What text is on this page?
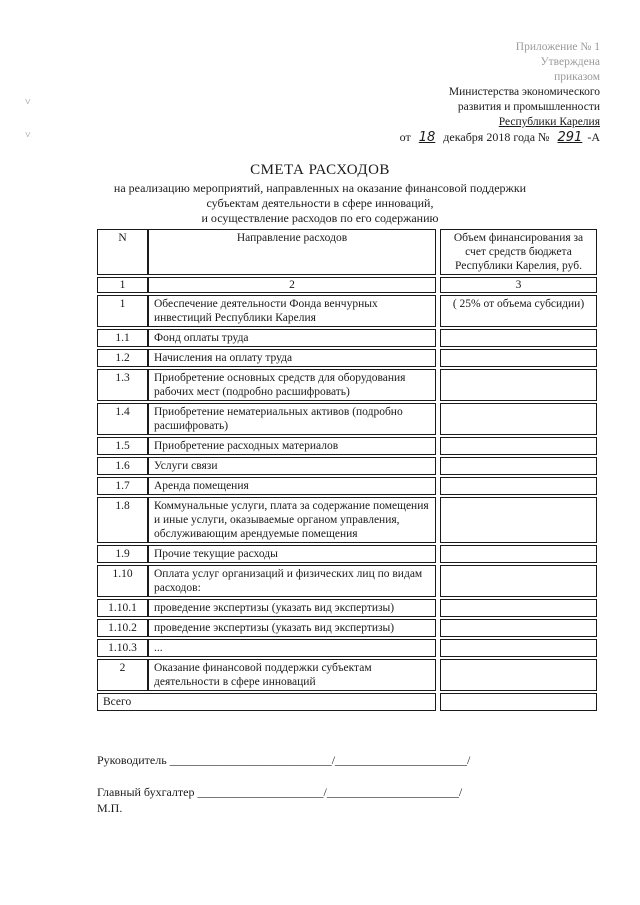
˅
˅
Приложение № 1
Утверждена
приказом
Министерства экономического
развития и промышленности
Республики Карелия
от 18 декабря 2018 года № 291 -А
СМЕТА РАСХОДОВ
на реализацию мероприятий, направленных на оказание финансовой поддержки
субъектам деятельности в сфере инноваций,
и осуществление расходов по его содержанию
N	Направление расходов		Объем финансирования за счет средств бюджета Республики Карелия, руб.
1	2		3
1	Обеспечение деятельности Фонда венчурных инвестиций Республики Карелия		( 25% от объема субсидии)
1.1	Фонд оплаты труда		
1.2	Начисления на оплату труда		
1.3	Приобретение основных средств для оборудования рабочих мест (подробно расшифровать)		
1.4	Приобретение нематериальных активов (подробно расшифровать)		
1.5	Приобретение расходных материалов		
1.6	Услуги связи		
1.7	Аренда помещения		
1.8	Коммунальные услуги, плата за содержание помещения и иные услуги, оказываемые органом управления, обслуживающим арендуемые помещения		
1.9	Прочие текущие расходы		
1.10	Оплата услуг организаций и физических лиц по видам расходов:		
1.10.1	проведение экспертизы (указать вид экспертизы)		
1.10.2	проведение экспертизы (указать вид экспертизы)		
1.10.3	...		
2	Оказание финансовой поддержки субъектам деятельности в сфере инноваций		
Всего			
Руководитель ___________________________/______________________/
Главный бухгалтер _____________________/______________________/
М.П.
